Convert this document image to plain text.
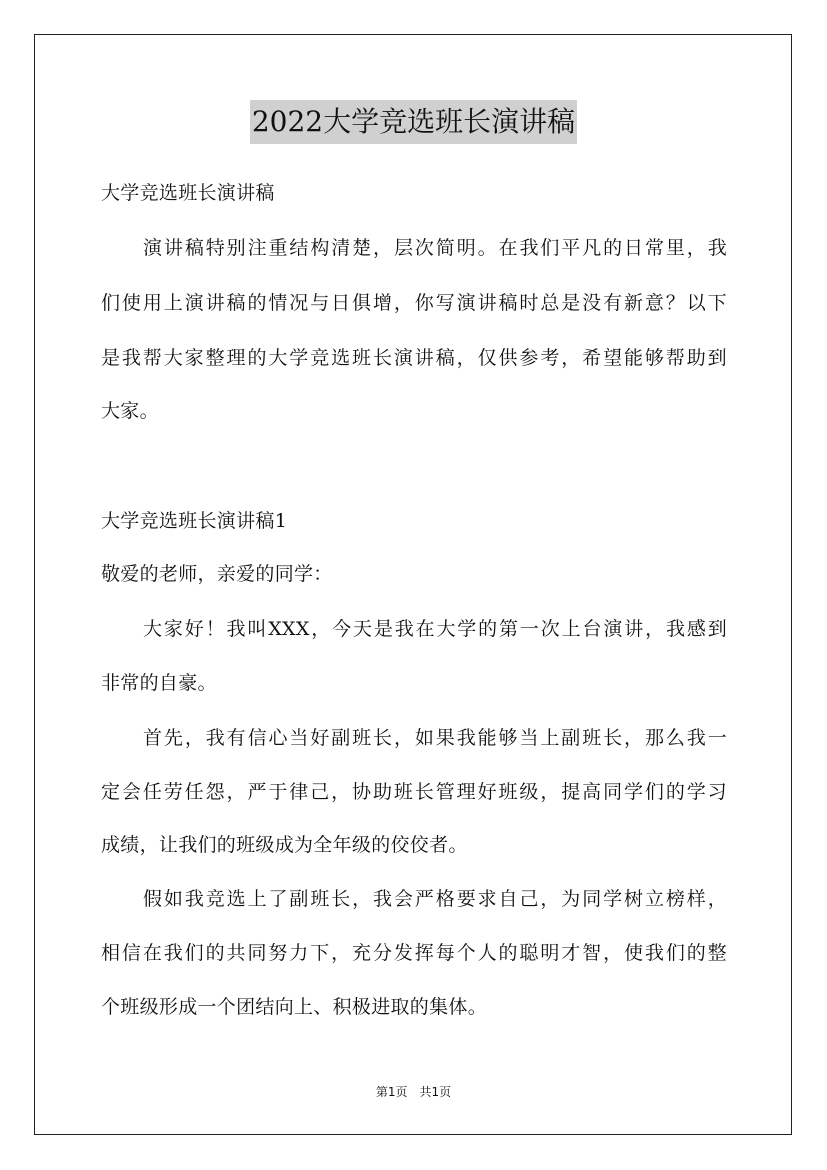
2022大学竞选班长演讲稿
大学竞选班长演讲稿
演讲稿特别注重结构清楚，层次简明。在我们平凡的日常里，我
们使用上演讲稿的情况与日俱增，你写演讲稿时总是没有新意？以下
是我帮大家整理的大学竞选班长演讲稿，仅供参考，希望能够帮助到
大家。
大学竞选班长演讲稿1
敬爱的老师，亲爱的同学：
大家好！我叫XXX，今天是我在大学的第一次上台演讲，我感到
非常的自豪。
首先，我有信心当好副班长，如果我能够当上副班长，那么我一
定会任劳任怨，严于律己，协助班长管理好班级，提高同学们的学习
成绩，让我们的班级成为全年级的佼佼者。
假如我竞选上了副班长，我会严格要求自己，为同学树立榜样，
相信在我们的共同努力下，充分发挥每个人的聪明才智，使我们的整
个班级形成一个团结向上、积极进取的集体。
第1页　共1页
